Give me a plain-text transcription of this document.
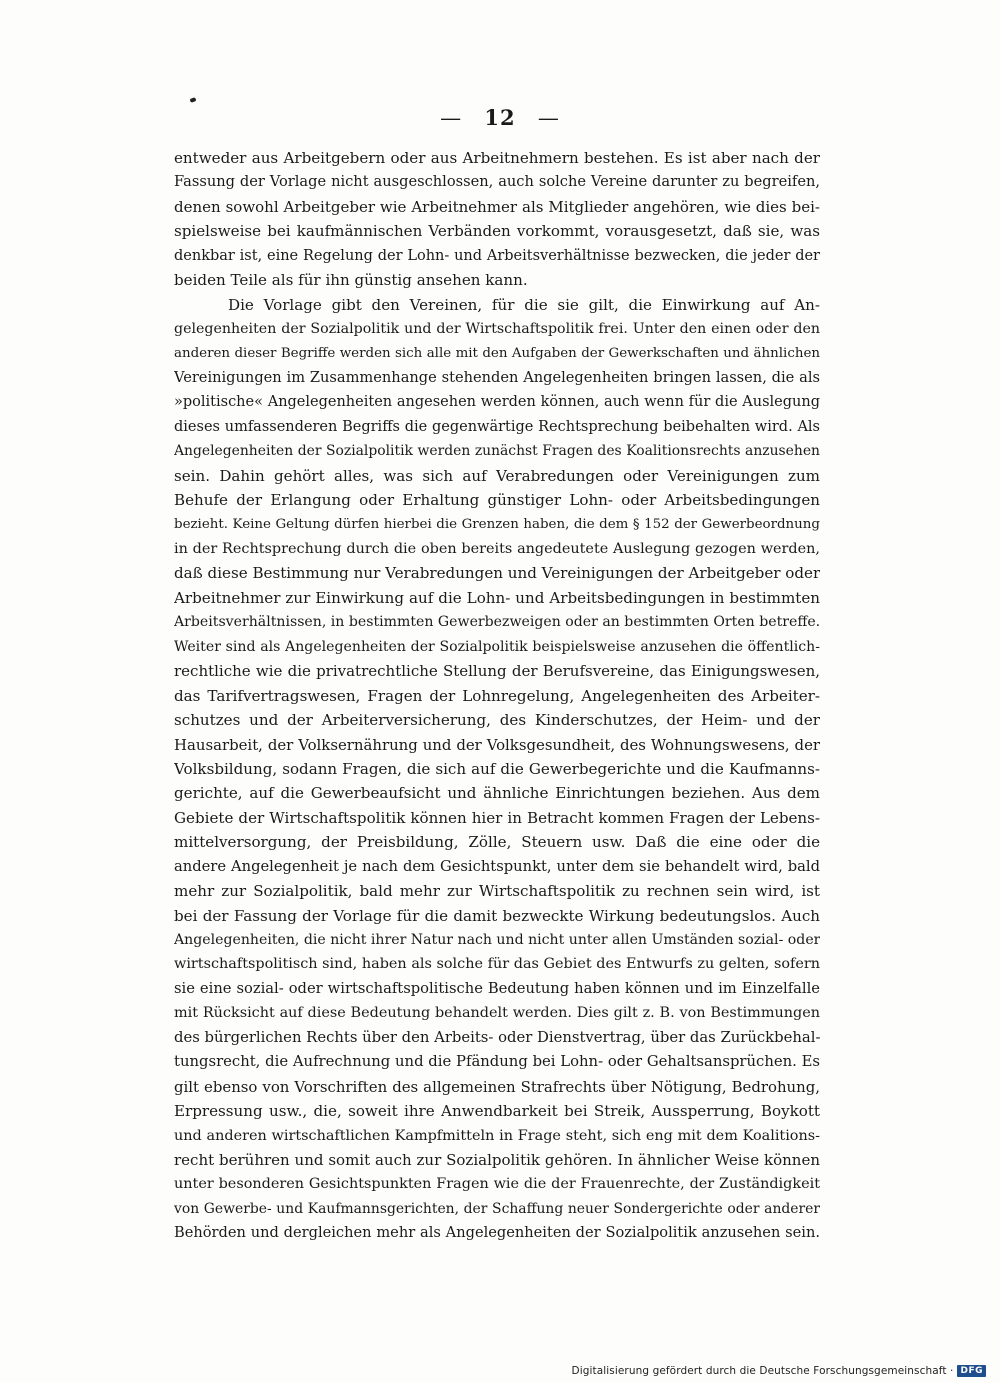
— 12 —
entweder aus Arbeitgebern oder aus Arbeitnehmern bestehen. Es ist aber nach der
Fassung der Vorlage nicht ausgeschlossen, auch solche Vereine darunter zu begreifen,
denen sowohl Arbeitgeber wie Arbeitnehmer als Mitglieder angehören, wie dies bei-
spielsweise bei kaufmännischen Verbänden vorkommt, vorausgesetzt, daß sie, was
denkbar ist, eine Regelung der Lohn- und Arbeitsverhältnisse bezwecken, die jeder der
beiden Teile als für ihn günstig ansehen kann.
Die Vorlage gibt den Vereinen, für die sie gilt, die Einwirkung auf An-
gelegenheiten der Sozialpolitik und der Wirtschaftspolitik frei. Unter den einen oder den
anderen dieser Begriffe werden sich alle mit den Aufgaben der Gewerkschaften und ähnlichen
Vereinigungen im Zusammenhange stehenden Angelegenheiten bringen lassen, die als
»politische« Angelegenheiten angesehen werden können, auch wenn für die Auslegung
dieses umfassenderen Begriffs die gegenwärtige Rechtsprechung beibehalten wird. Als
Angelegenheiten der Sozialpolitik werden zunächst Fragen des Koalitionsrechts anzusehen
sein. Dahin gehört alles, was sich auf Verabredungen oder Vereinigungen zum
Behufe der Erlangung oder Erhaltung günstiger Lohn- oder Arbeitsbedingungen
bezieht. Keine Geltung dürfen hierbei die Grenzen haben, die dem § 152 der Gewerbeordnung
in der Rechtsprechung durch die oben bereits angedeutete Auslegung gezogen werden,
daß diese Bestimmung nur Verabredungen und Vereinigungen der Arbeitgeber oder
Arbeitnehmer zur Einwirkung auf die Lohn- und Arbeitsbedingungen in bestimmten
Arbeitsverhältnissen, in bestimmten Gewerbezweigen oder an bestimmten Orten betreffe.
Weiter sind als Angelegenheiten der Sozialpolitik beispielsweise anzusehen die öffentlich-
rechtliche wie die privatrechtliche Stellung der Berufsvereine, das Einigungswesen,
das Tarifvertragswesen, Fragen der Lohnregelung, Angelegenheiten des Arbeiter-
schutzes und der Arbeiterversicherung, des Kinderschutzes, der Heim- und der
Hausarbeit, der Volksernährung und der Volksgesundheit, des Wohnungswesens, der
Volksbildung, sodann Fragen, die sich auf die Gewerbegerichte und die Kaufmanns-
gerichte, auf die Gewerbeaufsicht und ähnliche Einrichtungen beziehen. Aus dem
Gebiete der Wirtschaftspolitik können hier in Betracht kommen Fragen der Lebens-
mittelversorgung, der Preisbildung, Zölle, Steuern usw. Daß die eine oder die
andere Angelegenheit je nach dem Gesichtspunkt, unter dem sie behandelt wird, bald
mehr zur Sozialpolitik, bald mehr zur Wirtschaftspolitik zu rechnen sein wird, ist
bei der Fassung der Vorlage für die damit bezweckte Wirkung bedeutungslos. Auch
Angelegenheiten, die nicht ihrer Natur nach und nicht unter allen Umständen sozial- oder
wirtschaftspolitisch sind, haben als solche für das Gebiet des Entwurfs zu gelten, sofern
sie eine sozial- oder wirtschaftspolitische Bedeutung haben können und im Einzelfalle
mit Rücksicht auf diese Bedeutung behandelt werden. Dies gilt z. B. von Bestimmungen
des bürgerlichen Rechts über den Arbeits- oder Dienstvertrag, über das Zurückbehal-
tungsrecht, die Aufrechnung und die Pfändung bei Lohn- oder Gehaltsansprüchen. Es
gilt ebenso von Vorschriften des allgemeinen Strafrechts über Nötigung, Bedrohung,
Erpressung usw., die, soweit ihre Anwendbarkeit bei Streik, Aussperrung, Boykott
und anderen wirtschaftlichen Kampfmitteln in Frage steht, sich eng mit dem Koalitions-
recht berühren und somit auch zur Sozialpolitik gehören. In ähnlicher Weise können
unter besonderen Gesichtspunkten Fragen wie die der Frauenrechte, der Zuständigkeit
von Gewerbe- und Kaufmannsgerichten, der Schaffung neuer Sondergerichte oder anderer
Behörden und dergleichen mehr als Angelegenheiten der Sozialpolitik anzusehen sein.
Digitalisierung gefördert durch die Deutsche Forschungsgemeinschaft · DFG
